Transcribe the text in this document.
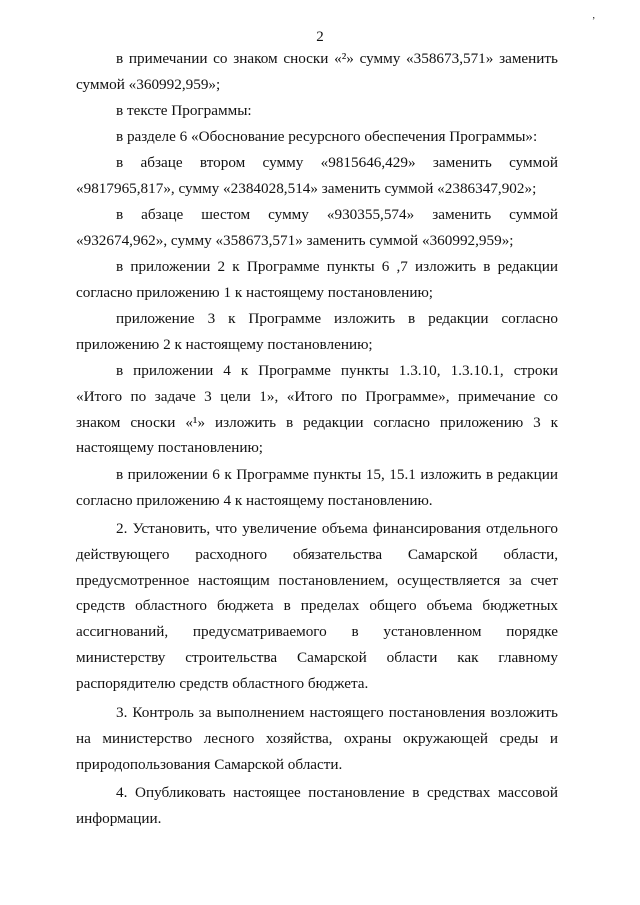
2
‚

в примечании со знаком сноски «²» сумму «358673,571» заменить суммой «360992,959»;

в тексте Программы:

в разделе 6 «Обоснование ресурсного обеспечения Программы»:

в абзаце втором сумму «9815646,429» заменить суммой «9817965,817», сумму «2384028,514» заменить суммой «2386347,902»;

в абзаце шестом сумму «930355,574» заменить суммой «932674,962», сумму «358673,571» заменить суммой «360992,959»;

в приложении 2 к Программе пункты 6 ,7 изложить в редакции согласно приложению 1 к настоящему постановлению;

приложение 3 к Программе изложить в редакции согласно приложению 2 к настоящему постановлению;

в приложении 4 к Программе пункты 1.3.10, 1.3.10.1, строки «Итого по задаче 3 цели 1», «Итого по Программе», примечание со знаком сноски «¹» изложить в редакции согласно приложению 3 к настоящему постановлению;

в приложении 6 к Программе пункты 15, 15.1 изложить в редакции согласно приложению 4 к настоящему постановлению.

2. Установить, что увеличение объема финансирования отдельного действующего расходного обязательства Самарской области, предусмотренное настоящим постановлением, осуществляется за счет средств областного бюджета в пределах общего объема бюджетных ассигнований, предусматриваемого в установленном порядке министерству строительства Самарской области как главному распорядителю средств областного бюджета.

3. Контроль за выполнением настоящего постановления возложить на министерство лесного хозяйства, охраны окружающей среды и природопользования Самарской области.

4. Опубликовать настоящее постановление в средствах массовой информации.
